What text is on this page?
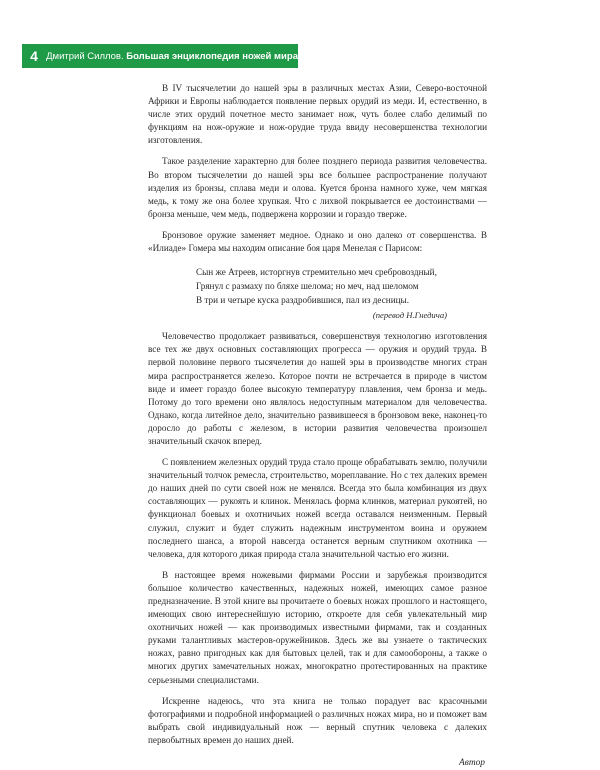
4 Дмитрий Силлов. Большая энциклопедия ножей мира

В IV тысячелетии до нашей эры в различных местах Азии, Северо-восточной Африки и Европы наблюдается появление первых орудий из меди. И, естественно, в числе этих орудий почетное место занимает нож, чуть более слабо делимый по функциям на нож-оружие и нож-орудие труда ввиду несовершенства технологии изготовления.

Такое разделение характерно для более позднего периода развития человечества. Во втором тысячелетии до нашей эры все большее распространение получают изделия из бронзы, сплава меди и олова. Куется бронза намного хуже, чем мягкая медь, к тому же она более хрупкая. Что с лихвой покрывается ее достоинствами — бронза меньше, чем медь, подвержена коррозии и гораздо тверже.

Бронзовое оружие заменяет медное. Однако и оно далеко от совершенства. В «Илиаде» Гомера мы находим описание боя царя Менелая с Парисом:

Сын же Атреев, исторгнув стремительно меч сребровоздный,
Грянул с размаху по бляхе шелома; но меч, над шеломом
В три и четыре куска раздробившися, пал из десницы.
(перевод Н.Гнедича)

Человечество продолжает развиваться, совершенствуя технологию изготовления все тех же двух основных составляющих прогресса — оружия и орудий труда. В первой половине первого тысячелетия до нашей эры в производстве многих стран мира распространяется железо. Которое почти не встречается в природе в чистом виде и имеет гораздо более высокую температуру плавления, чем бронза и медь. Потому до того времени оно являлось недоступным материалом для человечества. Однако, когда литейное дело, значительно развившееся в бронзовом веке, наконец-то доросло до работы с железом, в истории развития человечества произошел значительный скачок вперед.

С появлением железных орудий труда стало проще обрабатывать землю, получили значительный толчок ремесла, строительство, мореплавание. Но с тех далеких времен до наших дней по сути своей нож не менялся. Всегда это была комбинация из двух составляющих — рукоять и клинок. Менялась форма клинков, материал рукоятей, но функционал боевых и охотничьих ножей всегда оставался неизменным. Первый служил, служит и будет служить надежным инструментом воина и оружием последнего шанса, а второй навсегда останется верным спутником охотника — человека, для которого дикая природа стала значительной частью его жизни.

В настоящее время ножевыми фирмами России и зарубежья производится большое количество качественных, надежных ножей, имеющих самое разное предназначение. В этой книге вы прочитаете о боевых ножах прошлого и настоящего, имеющих свою интереснейшую историю, откроете для себя увлекательный мир охотничьих ножей — как производимых известными фирмами, так и созданных руками талантливых мастеров-оружейников. Здесь же вы узнаете о тактических ножах, равно пригодных как для бытовых целей, так и для самообороны, а также о многих других замечательных ножах, многократно протестированных на практике серьезными специалистами.

Искренне надеюсь, что эта книга не только порадует вас красочными фотографиями и подробной информацией о различных ножах мира, но и поможет вам выбрать свой индивидуальный нож — верный спутник человека с далеких первобытных времен до наших дней.

Автор
